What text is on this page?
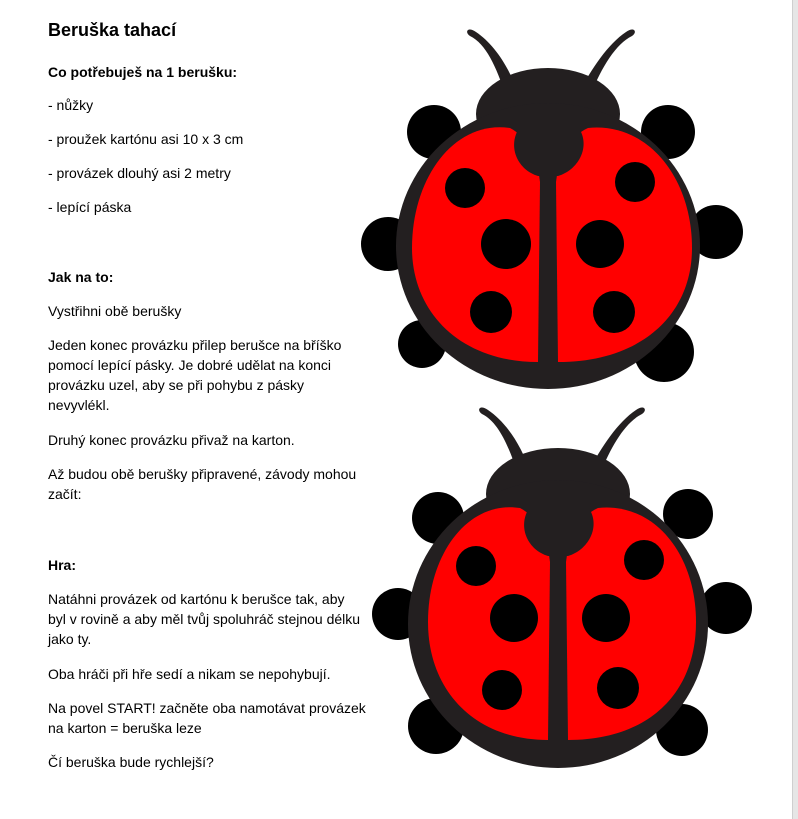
Beruška tahací

Co potřebuješ na 1 berušku:

- nůžky

- proužek kartónu asi 10 x 3 cm

- provázek dlouhý asi 2 metry

- lepící páska

Jak na to:

Vystřihni obě berušky

Jeden konec provázku přilep berušce na bříško pomocí lepící pásky. Je dobré udělat na konci provázku uzel, aby se při pohybu z pásky nevyvlékl.

Druhý konec provázku přivaž na karton.

Až budou obě berušky připravené, závody mohou začít:

Hra:

Natáhni provázek od kartónu k berušce tak, aby byl v rovině a aby měl tvůj spoluhráč stejnou délku jako ty.

Oba hráči při hře sedí a nikam se nepohybují.

Na povel START! začněte oba namotávat provázek na karton = beruška leze

Čí beruška bude rychlejší?
